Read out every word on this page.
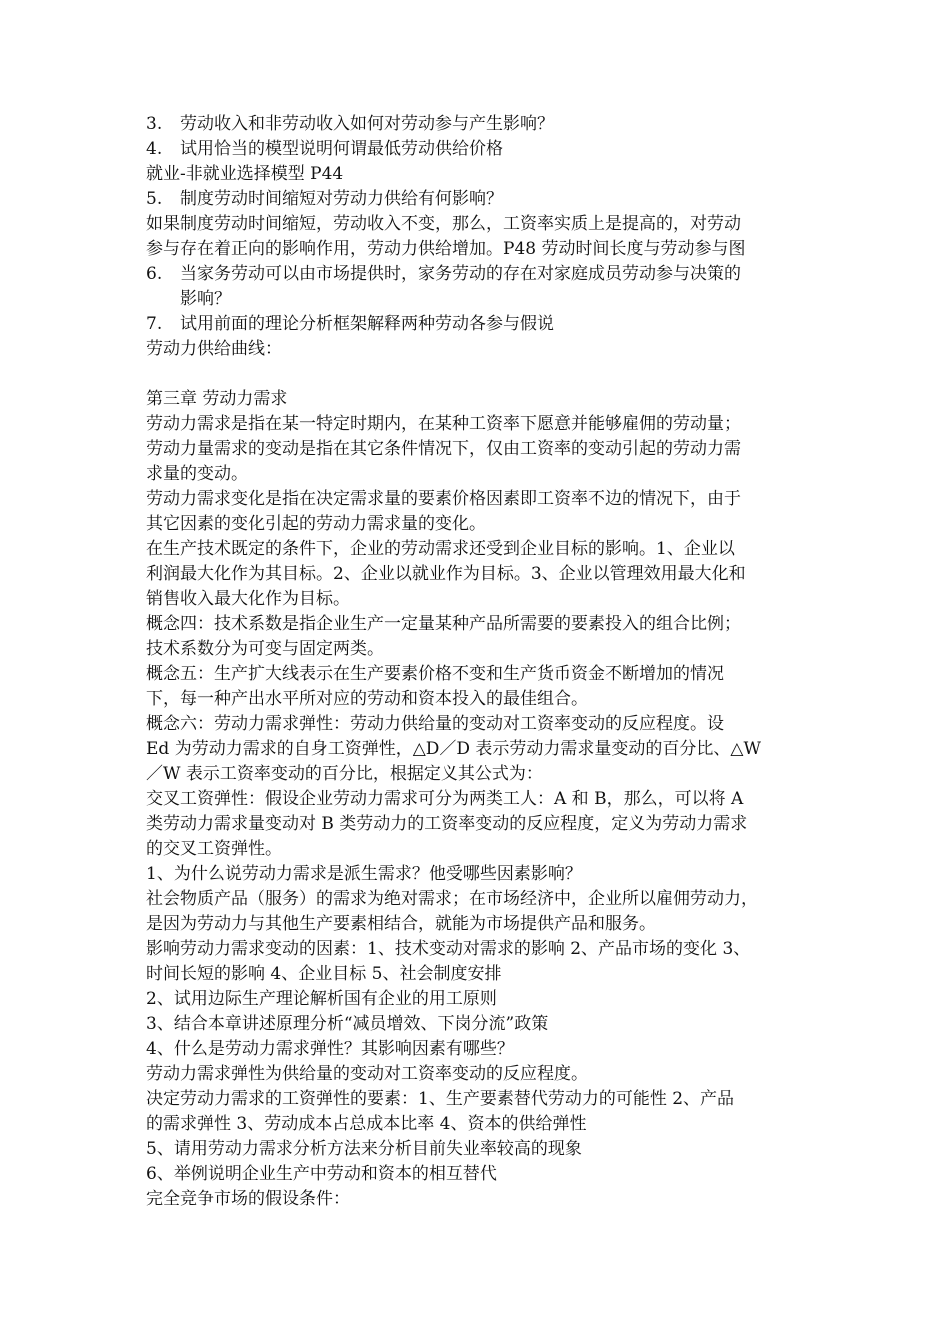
3. 劳动收入和非劳动收入如何对劳动参与产生影响？
4. 试用恰当的模型说明何谓最低劳动供给价格
就业-非就业选择模型 P44
5. 制度劳动时间缩短对劳动力供给有何影响？
如果制度劳动时间缩短，劳动收入不变，那么，工资率实质上是提高的，对劳动
参与存在着正向的影响作用，劳动力供给增加。P48 劳动时间长度与劳动参与图
6. 当家务劳动可以由市场提供时，家务劳动的存在对家庭成员劳动参与决策的
影响？
7. 试用前面的理论分析框架解释两种劳动各参与假说
劳动力供给曲线：
第三章 劳动力需求
劳动力需求是指在某一特定时期内，在某种工资率下愿意并能够雇佣的劳动量；
劳动力量需求的变动是指在其它条件情况下，仅由工资率的变动引起的劳动力需
求量的变动。
劳动力需求变化是指在决定需求量的要素价格因素即工资率不边的情况下，由于
其它因素的变化引起的劳动力需求量的变化。
在生产技术既定的条件下，企业的劳动需求还受到企业目标的影响。1、企业以
利润最大化作为其目标。2、企业以就业作为目标。3、企业以管理效用最大化和
销售收入最大化作为目标。
概念四：技术系数是指企业生产一定量某种产品所需要的要素投入的组合比例；
技术系数分为可变与固定两类。
概念五：生产扩大线表示在生产要素价格不变和生产货币资金不断增加的情况
下，每一种产出水平所对应的劳动和资本投入的最佳组合。
概念六：劳动力需求弹性：劳动力供给量的变动对工资率变动的反应程度。设
Ed 为劳动力需求的自身工资弹性，△D／D 表示劳动力需求量变动的百分比、△W
／W 表示工资率变动的百分比，根据定义其公式为：
交叉工资弹性：假设企业劳动力需求可分为两类工人：A 和 B，那么，可以将 A
类劳动力需求量变动对 B 类劳动力的工资率变动的反应程度，定义为劳动力需求
的交叉工资弹性。
1、为什么说劳动力需求是派生需求？他受哪些因素影响？
社会物质产品（服务）的需求为绝对需求；在市场经济中，企业所以雇佣劳动力，
是因为劳动力与其他生产要素相结合，就能为市场提供产品和服务。
影响劳动力需求变动的因素：1、技术变动对需求的影响 2、产品市场的变化 3、
时间长短的影响 4、企业目标 5、社会制度安排
2、试用边际生产理论解析国有企业的用工原则
3、结合本章讲述原理分析“减员增效、下岗分流”政策
4、什么是劳动力需求弹性？其影响因素有哪些？
劳动力需求弹性为供给量的变动对工资率变动的反应程度。
决定劳动力需求的工资弹性的要素：1、生产要素替代劳动力的可能性 2、产品
的需求弹性 3、劳动成本占总成本比率 4、资本的供给弹性
5、请用劳动力需求分析方法来分析目前失业率较高的现象
6、举例说明企业生产中劳动和资本的相互替代
完全竞争市场的假设条件：
